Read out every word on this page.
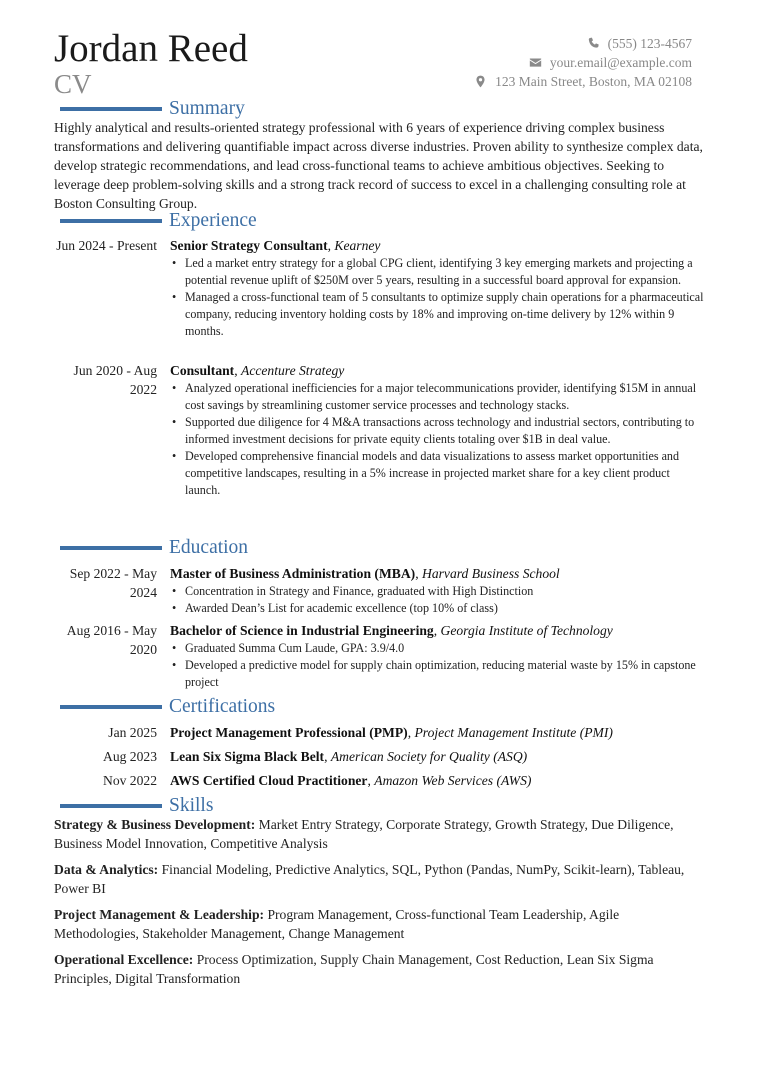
Jordan Reed
CV
(555) 123-4567
your.email@example.com
123 Main Street, Boston, MA 02108
Summary
Highly analytical and results-oriented strategy professional with 6 years of experience driving complex business transformations and delivering quantifiable impact across diverse industries. Proven ability to synthesize complex data, develop strategic recommendations, and lead cross-functional teams to achieve ambitious objectives. Seeking to leverage deep problem-solving skills and a strong track record of success to excel in a challenging consulting role at Boston Consulting Group.
Experience
Jun 2024 - Present Senior Strategy Consultant, Kearney
• Led a market entry strategy for a global CPG client, identifying 3 key emerging markets and projecting a potential revenue uplift of $250M over 5 years, resulting in a successful board approval for expansion.
• Managed a cross-functional team of 5 consultants to optimize supply chain operations for a pharmaceutical company, reducing inventory holding costs by 18% and improving on-time delivery by 12% within 9 months.
Jun 2020 - Aug 2022
Consultant, Accenture Strategy
• Analyzed operational inefficiencies for a major telecommunications provider, identifying $15M in annual cost savings by streamlining customer service processes and technology stacks.
• Supported due diligence for 4 M&A transactions across technology and industrial sectors, contributing to informed investment decisions for private equity clients totaling over $1B in deal value.
• Developed comprehensive financial models and data visualizations to assess market opportunities and competitive landscapes, resulting in a 5% increase in projected market share for a key client product launch.
Education
Sep 2022 - May 2024
Master of Business Administration (MBA), Harvard Business School
• Concentration in Strategy and Finance, graduated with High Distinction
• Awarded Dean’s List for academic excellence (top 10% of class)
Aug 2016 - May 2020
Bachelor of Science in Industrial Engineering, Georgia Institute of Technology
• Graduated Summa Cum Laude, GPA: 3.9/4.0
• Developed a predictive model for supply chain optimization, reducing material waste by 15% in capstone project
Certifications
Jan 2025 Project Management Professional (PMP), Project Management Institute (PMI)
Aug 2023 Lean Six Sigma Black Belt, American Society for Quality (ASQ)
Nov 2022 AWS Certified Cloud Practitioner, Amazon Web Services (AWS)
Skills
Strategy & Business Development: Market Entry Strategy, Corporate Strategy, Growth Strategy, Due Diligence, Business Model Innovation, Competitive Analysis
Data & Analytics: Financial Modeling, Predictive Analytics, SQL, Python (Pandas, NumPy, Scikit-learn), Tableau, Power BI
Project Management & Leadership: Program Management, Cross-functional Team Leadership, Agile Methodologies, Stakeholder Management, Change Management
Operational Excellence: Process Optimization, Supply Chain Management, Cost Reduction, Lean Six Sigma Principles, Digital Transformation
